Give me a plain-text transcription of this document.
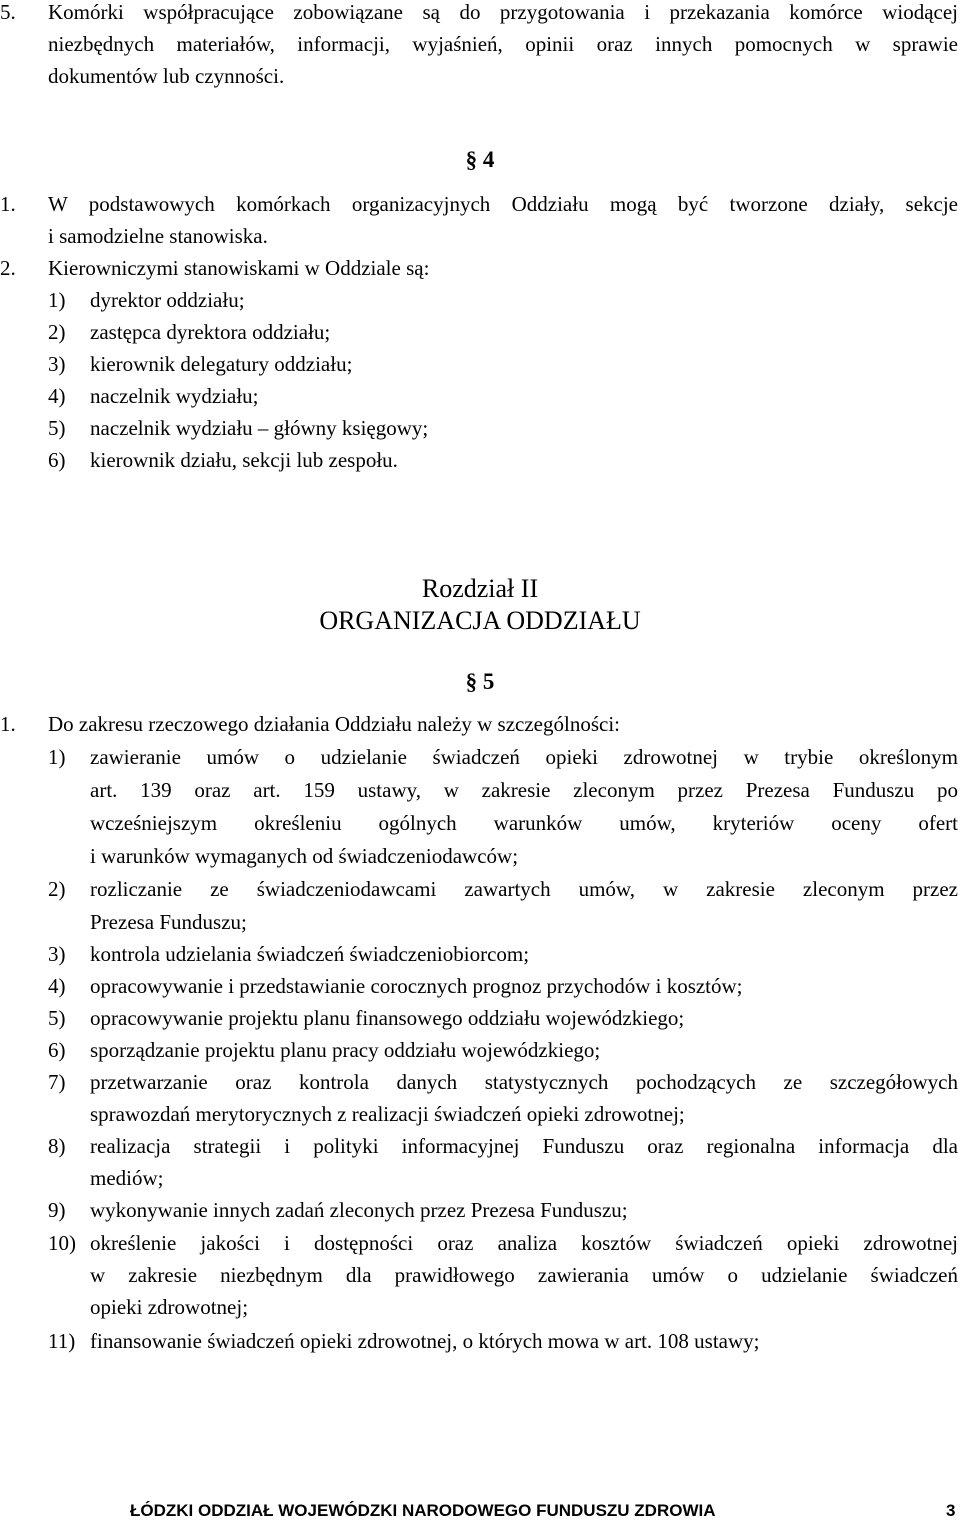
5. Komórki współpracujące zobowiązane są do przygotowania i przekazania komórce wiodącej
niezbędnych materiałów, informacji, wyjaśnień, opinii oraz innych pomocnych w sprawie
dokumentów lub czynności.
§ 4
1. W podstawowych komórkach organizacyjnych Oddziału mogą być tworzone działy, sekcje
i samodzielne stanowiska.
2. Kierowniczymi stanowiskami w Oddziale są:
1) dyrektor oddziału;
2) zastępca dyrektora oddziału;
3) kierownik delegatury oddziału;
4) naczelnik wydziału;
5) naczelnik wydziału – główny księgowy;
6) kierownik działu, sekcji lub zespołu.
Rozdział II
ORGANIZACJA ODDZIAŁU
§ 5
1. Do zakresu rzeczowego działania Oddziału należy w szczególności:
1) zawieranie umów o udzielanie świadczeń opieki zdrowotnej w trybie określonym
art. 139 oraz art. 159 ustawy, w zakresie zleconym przez Prezesa Funduszu po
wcześniejszym określeniu ogólnych warunków umów, kryteriów oceny ofert
i warunków wymaganych od świadczeniodawców;
2) rozliczanie ze świadczeniodawcami zawartych umów, w zakresie zleconym przez
Prezesa Funduszu;
3) kontrola udzielania świadczeń świadczeniobiorcom;
4) opracowywanie i przedstawianie corocznych prognoz przychodów i kosztów;
5) opracowywanie projektu planu finansowego oddziału wojewódzkiego;
6) sporządzanie projektu planu pracy oddziału wojewódzkiego;
7) przetwarzanie oraz kontrola danych statystycznych pochodzących ze szczegółowych
sprawozdań merytorycznych z realizacji świadczeń opieki zdrowotnej;
8) realizacja strategii i polityki informacyjnej Funduszu oraz regionalna informacja dla
mediów;
9) wykonywanie innych zadań zleconych przez Prezesa Funduszu;
10) określenie jakości i dostępności oraz analiza kosztów świadczeń opieki zdrowotnej
w zakresie niezbędnym dla prawidłowego zawierania umów o udzielanie świadczeń
opieki zdrowotnej;
11) finansowanie świadczeń opieki zdrowotnej, o których mowa w art. 108 ustawy;
ŁÓDZKI ODDZIAŁ WOJEWÓDZKI NARODOWEGO FUNDUSZU ZDROWIA	3
